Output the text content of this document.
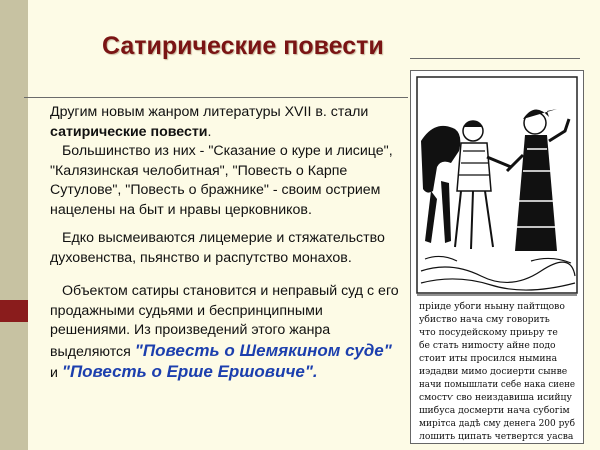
Сатирические повести

Другим новым жанром литературы XVII в. стали сатирические повести.

Большинство из них - "Сказание о куре и лисице", "Калязинская челобитная", "Повесть о Карпе Сутулове", "Повесть о бражнике" - своим острием нацелены на быт и нравы церковников.

Едко высмеиваются лицемерие и стяжательство духовенства, пьянство и распутство монахов.

Объектом сатиры становится и неправый суд с его продажными судьями и беспринципными решениями. Из произведений этого жанра выделяются "Повесть о Шемякином суде" и "Повесть о Ерше Ершовиче".

пріиде убоги ньыну пайтщово
убиство нача сму говорить
что посудейскому приьру те
бе стать ниmосту айне подо
стоит иты просился нымина
иэдадви мимо досиерти сынве
начи помышлати себе нака сиене
смостѵ сво неиздавиша исийцу
шибуса досмерти нача субогім
мирітса дадѣ сму денега 200 руб
лошить ципать четвертся уасва
